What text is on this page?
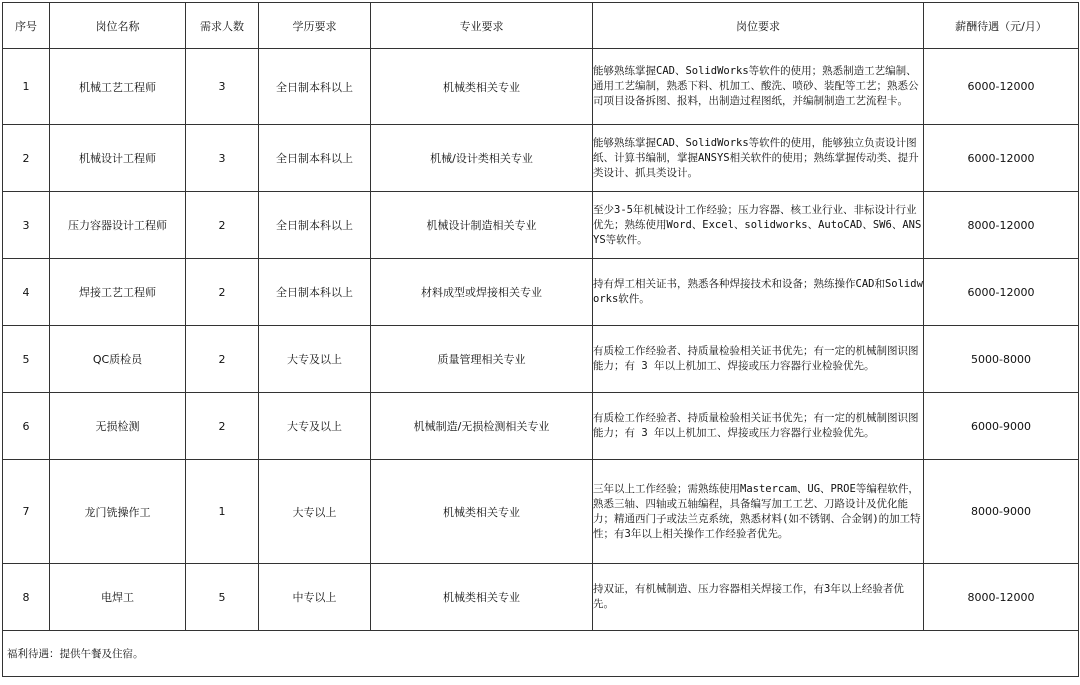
序号	岗位名称	需求人数	学历要求	专业要求	岗位要求	薪酬待遇（元/月）
1	机械工艺工程师	3	全日制本科以上	机械类相关专业	能够熟练掌握CAD、SolidWorks等软件的使用；熟悉制造工艺编制、通用工艺编制，熟悉下料、机加工、酸洗、喷砂、装配等工艺；熟悉公司项目设备拆图、报料，出制造过程图纸，并编制制造工艺流程卡。	6000-12000
2	机械设计工程师	3	全日制本科以上	机械/设计类相关专业	能够熟练掌握CAD、SolidWorks等软件的使用，能够独立负责设计图纸、计算书编制，掌握ANSYS相关软件的使用；熟练掌握传动类、提升类设计、抓具类设计。	6000-12000
3	压力容器设计工程师	2	全日制本科以上	机械设计制造相关专业	至少3-5年机械设计工作经验；压力容器、核工业行业、非标设计行业优先；熟练使用Word、Excel、solidworks、AutoCAD、SW6、ANSYS等软件。	8000-12000
4	焊接工艺工程师	2	全日制本科以上	材料成型或焊接相关专业	持有焊工相关证书，熟悉各种焊接技术和设备；熟练操作CAD和Solidworks软件。	6000-12000
5	QC质检员	2	大专及以上	质量管理相关专业	有质检工作经验者、持质量检验相关证书优先；有一定的机械制图识图能力；有 3 年以上机加工、焊接或压力容器行业检验优先。	5000-8000
6	无损检测	2	大专及以上	机械制造/无损检测相关专业	有质检工作经验者、持质量检验相关证书优先；有一定的机械制图识图能力；有 3 年以上机加工、焊接或压力容器行业检验优先。	6000-9000
7	龙门铣操作工	1	大专以上	机械类相关专业	三年以上工作经验；需熟练使用Mastercam、UG、PROE等编程软件，熟悉三轴、四轴或五轴编程，具备编写加工工艺、刀路设计及优化能力；精通西门子或法兰克系统，熟悉材料(如不锈钢、合金钢)的加工特性；有3年以上相关操作工作经验者优先。	8000-9000
8	电焊工	5	中专以上	机械类相关专业	持双证，有机械制造、压力容器相关焊接工作，有3年以上经验者优先。	8000-12000
福利待遇：提供午餐及住宿。						
